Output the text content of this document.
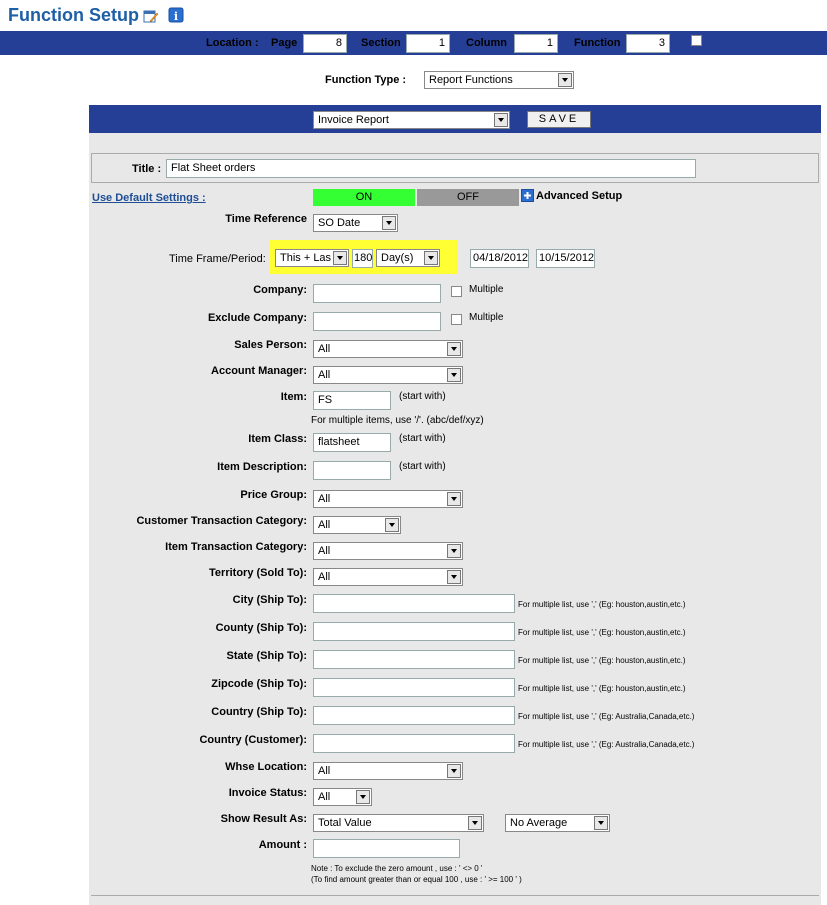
Function Setup	i
Location : Page	8	Section	1	Column	1	Function	3
Function Type :	Report Functions
Invoice Report	SAVE
Title : Flat Sheet orders
Use Default Settings :	ON	OFF	Advanced Setup
Time Reference	SO Date
Time Frame/Period:	This + Las	180 Day(s)	04/18/2012 10/15/2012
Company:	Multiple
Exclude Company:	Multiple
Sales Person:	All
Account Manager:	All
Item:	FS	(start with)
For multiple items, use '/'. (abc/def/xyz)
Item Class:	flatsheet	(start with)
Item Description:	(start with)
Price Group:	All
Customer Transaction Category:	All
Item Transaction Category:	All
Territory (Sold To):	All
City (Ship To):	For multiple list, use ',' (Eg: houston,austin,etc.)
County (Ship To):	For multiple list, use ',' (Eg: houston,austin,etc.)
State (Ship To):	For multiple list, use ',' (Eg: houston,austin,etc.)
Zipcode (Ship To):	For multiple list, use ',' (Eg: houston,austin,etc.)
Country (Ship To):	For multiple list, use ',' (Eg: Australia,Canada,etc.)
Country (Customer):	For multiple list, use ',' (Eg: Australia,Canada,etc.)
Whse Location:	All
Invoice Status:	All
Show Result As:	Total Value	No Average
Amount :
Note : To exclude the zero amount , use : ' <> 0 '
(To find amount greater than or equal 100 , use : ' >= 100 ' )
